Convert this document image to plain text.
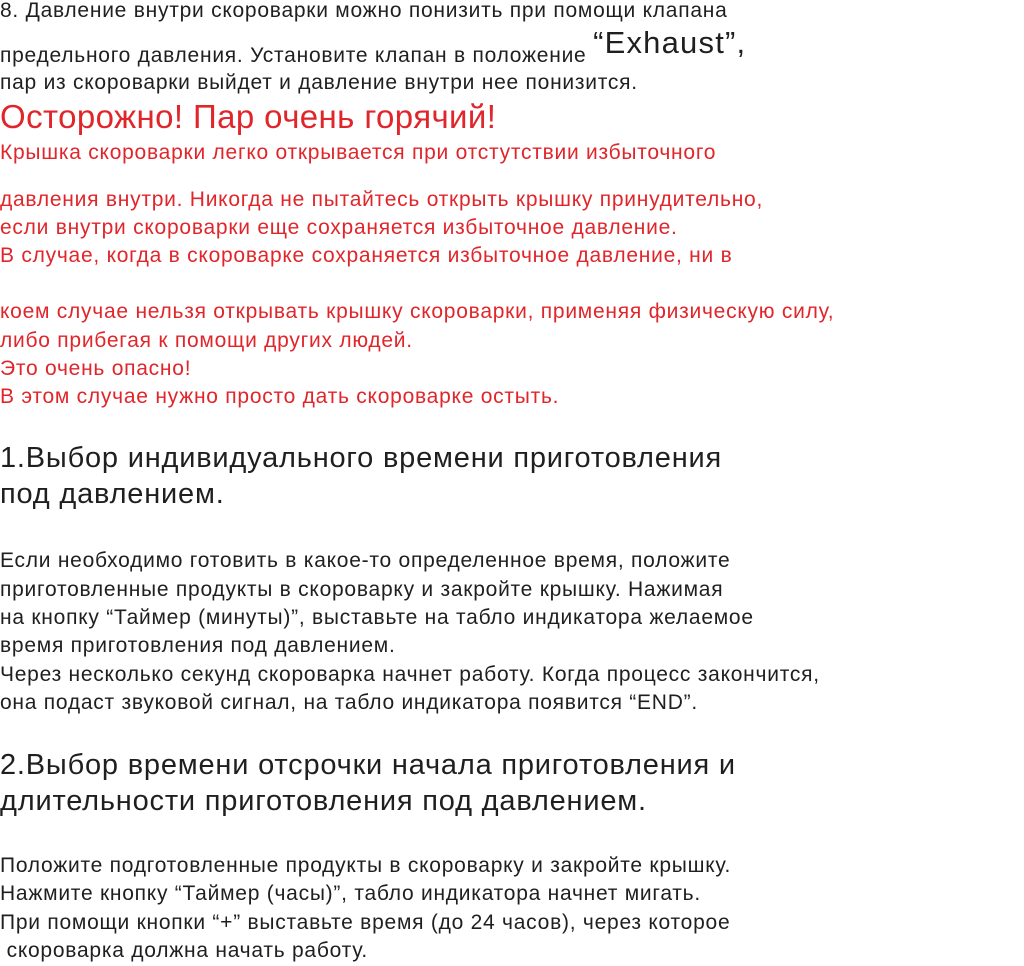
8. Давление внутри скороварки можно понизить при помощи клапана

предельного давления. Установите клапан в положение “Exhaust”,

пар из скороварки выйдет и давление внутри нее понизится.

Осторожно! Пар очень горячий!

Крышка скороварки легко открывается при отстутствии избыточного

давления внутри. Никогда не пытайтесь открыть крышку принудительно,

если внутри скороварки еще сохраняется избыточное давление.

В случае, когда в скороварке сохраняется избыточное давление, ни в

коем случае нельзя открывать крышку скороварки, применяя физическую силу,

либо прибегая к помощи других людей.

Это очень опасно!

В этом случае нужно просто дать скороварке остыть.

1.Выбор индивидуального времени приготовления

под давлением.

Если необходимо готовить в какое-то определенное время, положите

приготовленные продукты в скороварку и закройте крышку. Нажимая

на кнопку “Таймер (минуты)”, выставьте на табло индикатора желаемое

время приготовления под давлением.

Через несколько секунд скороварка начнет работу. Когда процесс закончится,

она подаст звуковой сигнал, на табло индикатора появится “END”.

2.Выбор времени отсрочки начала приготовления и

длительности приготовления под давлением.

Положите подготовленные продукты в скороварку и закройте крышку.

Нажмите кнопку “Таймер (часы)”, табло индикатора начнет мигать.

При помощи кнопки “+” выставьте время (до 24 часов), через которое

скороварка должна начать работу.
